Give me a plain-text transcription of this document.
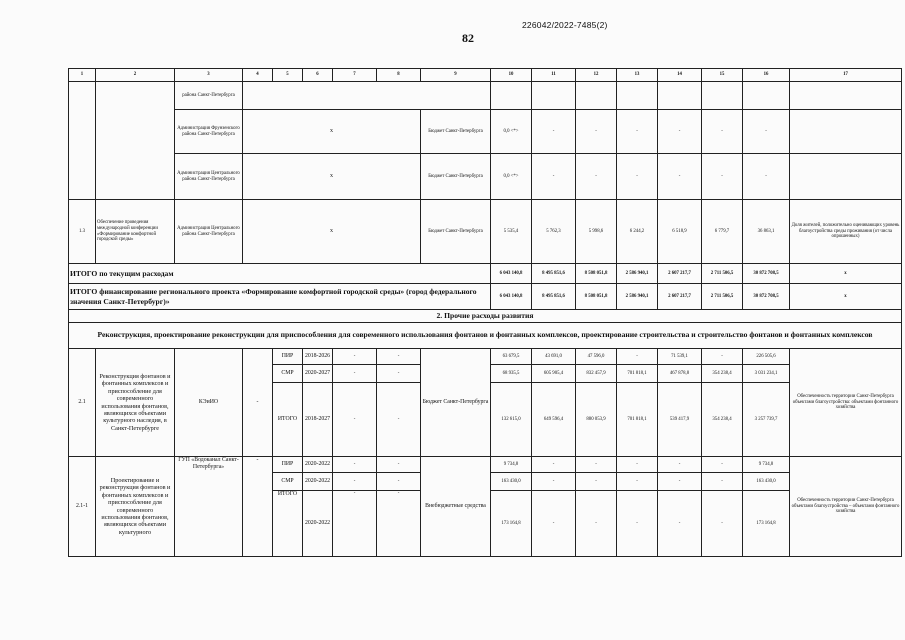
226042/2022-7485(2)
82
1	2	3	4	5	6	7	8	9	10	11	12	13	14	15	16	17
		района Санкт-Петербурга														
		Администрация Фрунзенского района Санкт-Петербурга	х					Бюджет Санкт-Петербурга	0,0 <*>	-	-	-	-	-	-	
		Администрация Центрального района Санкт-Петербурга	х					Бюджет Санкт-Петербурга	0,0 <*>	-	-	-	-	-	-	
1.3	Обеспечение проведения международной конференции «Формирование комфортной городской среды»	Администрация Центрального района Санкт-Петербурга	х					Бюджет Санкт-Петербурга	5 535,4	5 762,3	5 998,6	6 244,2	6 518,9	6 779,7	36 863,1	Доля жителей, положительно оценивающих уровень благоустройства среды проживания (от числа опрошенных)
ИТОГО по текущим расходам									6 043 140,8	8 495 851,6	8 508 051,8	2 586 940,1	2 607 217,7	2 711 506,5	30 872 708,5	х
ИТОГО финансирование регионального проекта «Формирование комфортной городской среды» (город федерального значения Санкт-Петербург)»									6 043 140,8	8 495 851,6	8 508 051,8	2 586 940,1	2 607 217,7	2 711 506,5	30 872 708,5	х
2. Прочие расходы развития																
Реконструкция, проектирование реконструкции для приспособления для современного использования фонтанов и фонтанных комплексов, проектирование строительства и строительство фонтанов и фонтанных комплексов																
2.1	Реконструкция фонтанов и фонтанных комплексов и приспособление для современного использования фонтанов, являющихся объектами культурного наследия, в Санкт-Петербурге	КЭиИО	-	ПИР	2018-2026	-	-	Бюджет Санкт-Петербурга	63 679,5	43 691,0	47 596,0	-	71 539,1	-	226 505,6	Обеспеченность территории Санкт-Петербурга объектами благоустройства: объектами фонтанного хозяйства
				СМР	2020-2027	-	-		68 935,5	605 905,4	832 457,9	701 818,1	467 878,8	354 238,4	3 031 234,1	
				ИТОГО	2018-2027	-	-		132 615,0	649 596,4	880 053,9	701 818,1	539 417,9	354 238,4	3 257 739,7	
2.1-1	Проектирование и реконструкция фонтанов и фонтанных комплексов и приспособление для современного использования фонтанов, являющихся объектами культурного	ГУП «Водоканал Санкт-Петербурга»	-	ПИР	2020-2022	-	-	Внебюджетные средства	9 734,8	-	-	-	-	-	9 734,8	Обеспеченность территории Санкт-Петербурга объектами благоустройства – объектами фонтанного хозяйства
				СМР	2020-2022	-	-		163 430,0	-	-	-	-	-	163 430,0	
				ИТОГО	2020-2022	-	-		173 164,8	-	-	-	-	-	173 164,8	
